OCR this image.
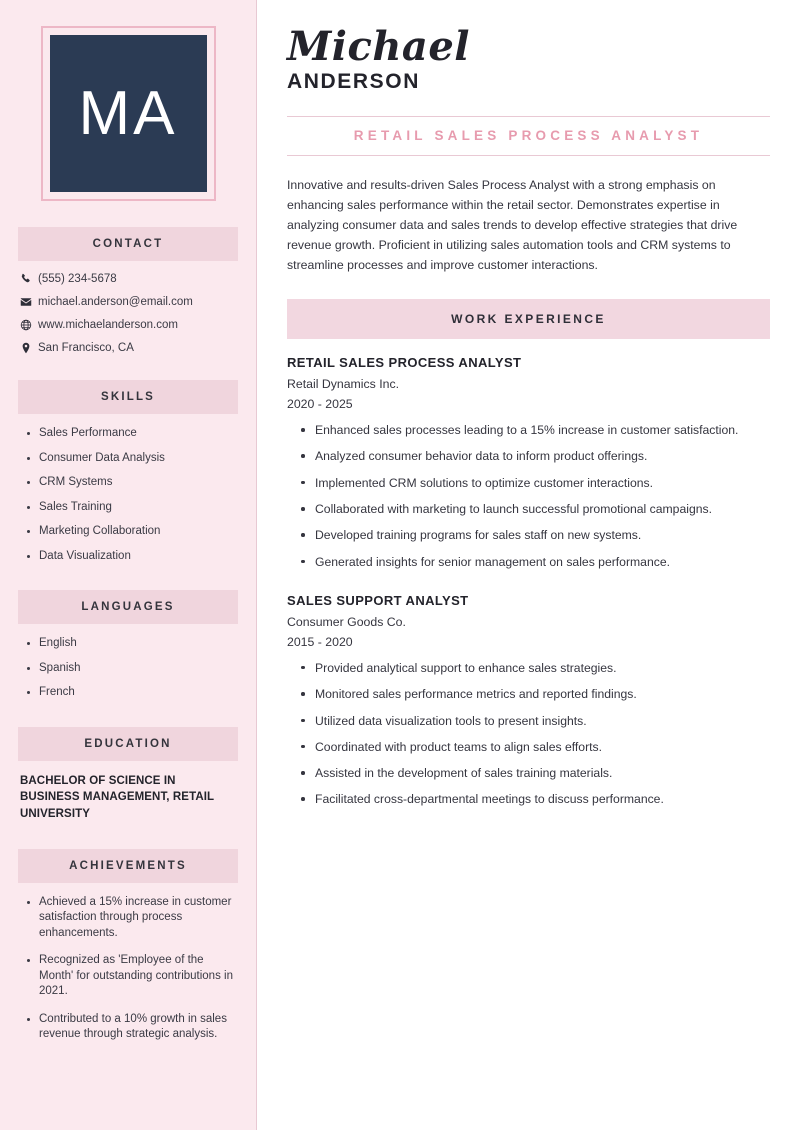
MA
CONTACT
(555) 234-5678
michael.anderson@email.com
www.michaelanderson.com
San Francisco, CA
SKILLS
Sales Performance
Consumer Data Analysis
CRM Systems
Sales Training
Marketing Collaboration
Data Visualization
LANGUAGES
English
Spanish
French
EDUCATION
BACHELOR OF SCIENCE IN BUSINESS MANAGEMENT, RETAIL UNIVERSITY
ACHIEVEMENTS
Achieved a 15% increase in customer satisfaction through process enhancements.
Recognized as 'Employee of the Month' for outstanding contributions in 2021.
Contributed to a 10% growth in sales revenue through strategic analysis.
Michael
ANDERSON
RETAIL SALES PROCESS ANALYST

Innovative and results-driven Sales Process Analyst with a strong emphasis on enhancing sales performance within the retail sector. Demonstrates expertise in analyzing consumer data and sales trends to develop effective strategies that drive revenue growth. Proficient in utilizing sales automation tools and CRM systems to streamline processes and improve customer interactions.

WORK EXPERIENCE
RETAIL SALES PROCESS ANALYST
Retail Dynamics Inc.
2020 - 2025
Enhanced sales processes leading to a 15% increase in customer satisfaction.
Analyzed consumer behavior data to inform product offerings.
Implemented CRM solutions to optimize customer interactions.
Collaborated with marketing to launch successful promotional campaigns.
Developed training programs for sales staff on new systems.
Generated insights for senior management on sales performance.
SALES SUPPORT ANALYST
Consumer Goods Co.
2015 - 2020
Provided analytical support to enhance sales strategies.
Monitored sales performance metrics and reported findings.
Utilized data visualization tools to present insights.
Coordinated with product teams to align sales efforts.
Assisted in the development of sales training materials.
Facilitated cross-departmental meetings to discuss performance.
